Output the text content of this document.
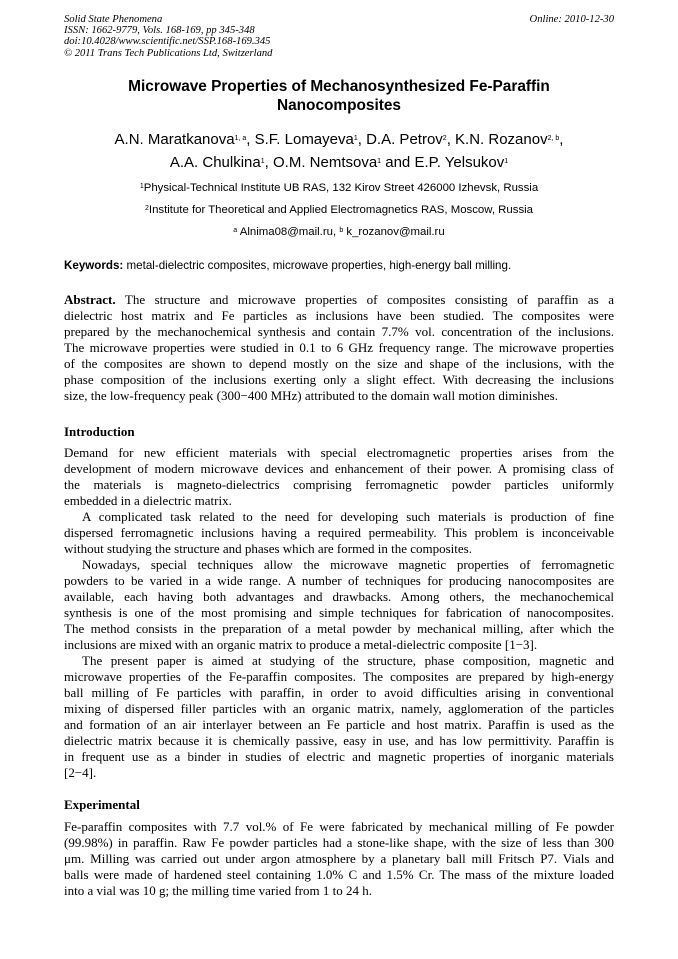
Solid State Phenomena
ISSN: 1662-9779, Vols. 168-169, pp 345-348
doi:10.4028/www.scientific.net/SSP.168-169.345
© 2011 Trans Tech Publications Ltd, Switzerland
Online: 2010-12-30
Microwave Properties of Mechanosynthesized Fe-Paraffin
Nanocomposites
A.N. Maratkanova$^{1, a}$, S.F. Lomayeva$^1$, D.A. Petrov$^2$, K.N. Rozanov$^{2, b}$,
A.A. Chulkina$^1$, O.M. Nemtsova$^1$ and E.P. Yelsukov$^1$
$^1$Physical-Technical Institute UB RAS, 132 Kirov Street 426000 Izhevsk, Russia
$^2$Institute for Theoretical and Applied Electromagnetics RAS, Moscow, Russia
$^a$ Alnima08@mail.ru, $^b$ k_rozanov@mail.ru
Keywords: metal-dielectric composites, microwave properties, high-energy ball milling.
Abstract. The structure and microwave properties of composites consisting of paraffin as a
dielectric host matrix and Fe particles as inclusions have been studied. The composites were
prepared by the mechanochemical synthesis and contain 7.7% vol. concentration of the inclusions.
The microwave properties were studied in 0.1 to 6 GHz frequency range. The microwave properties
of the composites are shown to depend mostly on the size and shape of the inclusions, with the
phase composition of the inclusions exerting only a slight effect. With decreasing the inclusions
size, the low-frequency peak (300−400 MHz) attributed to the domain wall motion diminishes.
Introduction
Demand for new efficient materials with special electromagnetic properties arises from the
development of modern microwave devices and enhancement of their power. A promising class of
the materials is magneto-dielectrics comprising ferromagnetic powder particles uniformly
embedded in a dielectric matrix.
A complicated task related to the need for developing such materials is production of fine
dispersed ferromagnetic inclusions having a required permeability. This problem is inconceivable
without studying the structure and phases which are formed in the composites.
Nowadays, special techniques allow the microwave magnetic properties of ferromagnetic
powders to be varied in a wide range. A number of techniques for producing nanocomposites are
available, each having both advantages and drawbacks. Among others, the mechanochemical
synthesis is one of the most promising and simple techniques for fabrication of nanocomposites.
The method consists in the preparation of a metal powder by mechanical milling, after which the
inclusions are mixed with an organic matrix to produce a metal-dielectric composite [1−3].
The present paper is aimed at studying of the structure, phase composition, magnetic and
microwave properties of the Fe-paraffin composites. The composites are prepared by high-energy
ball milling of Fe particles with paraffin, in order to avoid difficulties arising in conventional
mixing of dispersed filler particles with an organic matrix, namely, agglomeration of the particles
and formation of an air interlayer between an Fe particle and host matrix. Paraffin is used as the
dielectric matrix because it is chemically passive, easy in use, and has low permittivity. Paraffin is
in frequent use as a binder in studies of electric and magnetic properties of inorganic materials
[2−4].
Experimental
Fe-paraffin composites with 7.7 vol.% of Fe were fabricated by mechanical milling of Fe powder
(99.98%) in paraffin. Raw Fe powder particles had a stone-like shape, with the size of less than 300
μm. Milling was carried out under argon atmosphere by a planetary ball mill Fritsch P7. Vials and
balls were made of hardened steel containing 1.0% C and 1.5% Cr. The mass of the mixture loaded
into a vial was 10 g; the milling time varied from 1 to 24 h.
